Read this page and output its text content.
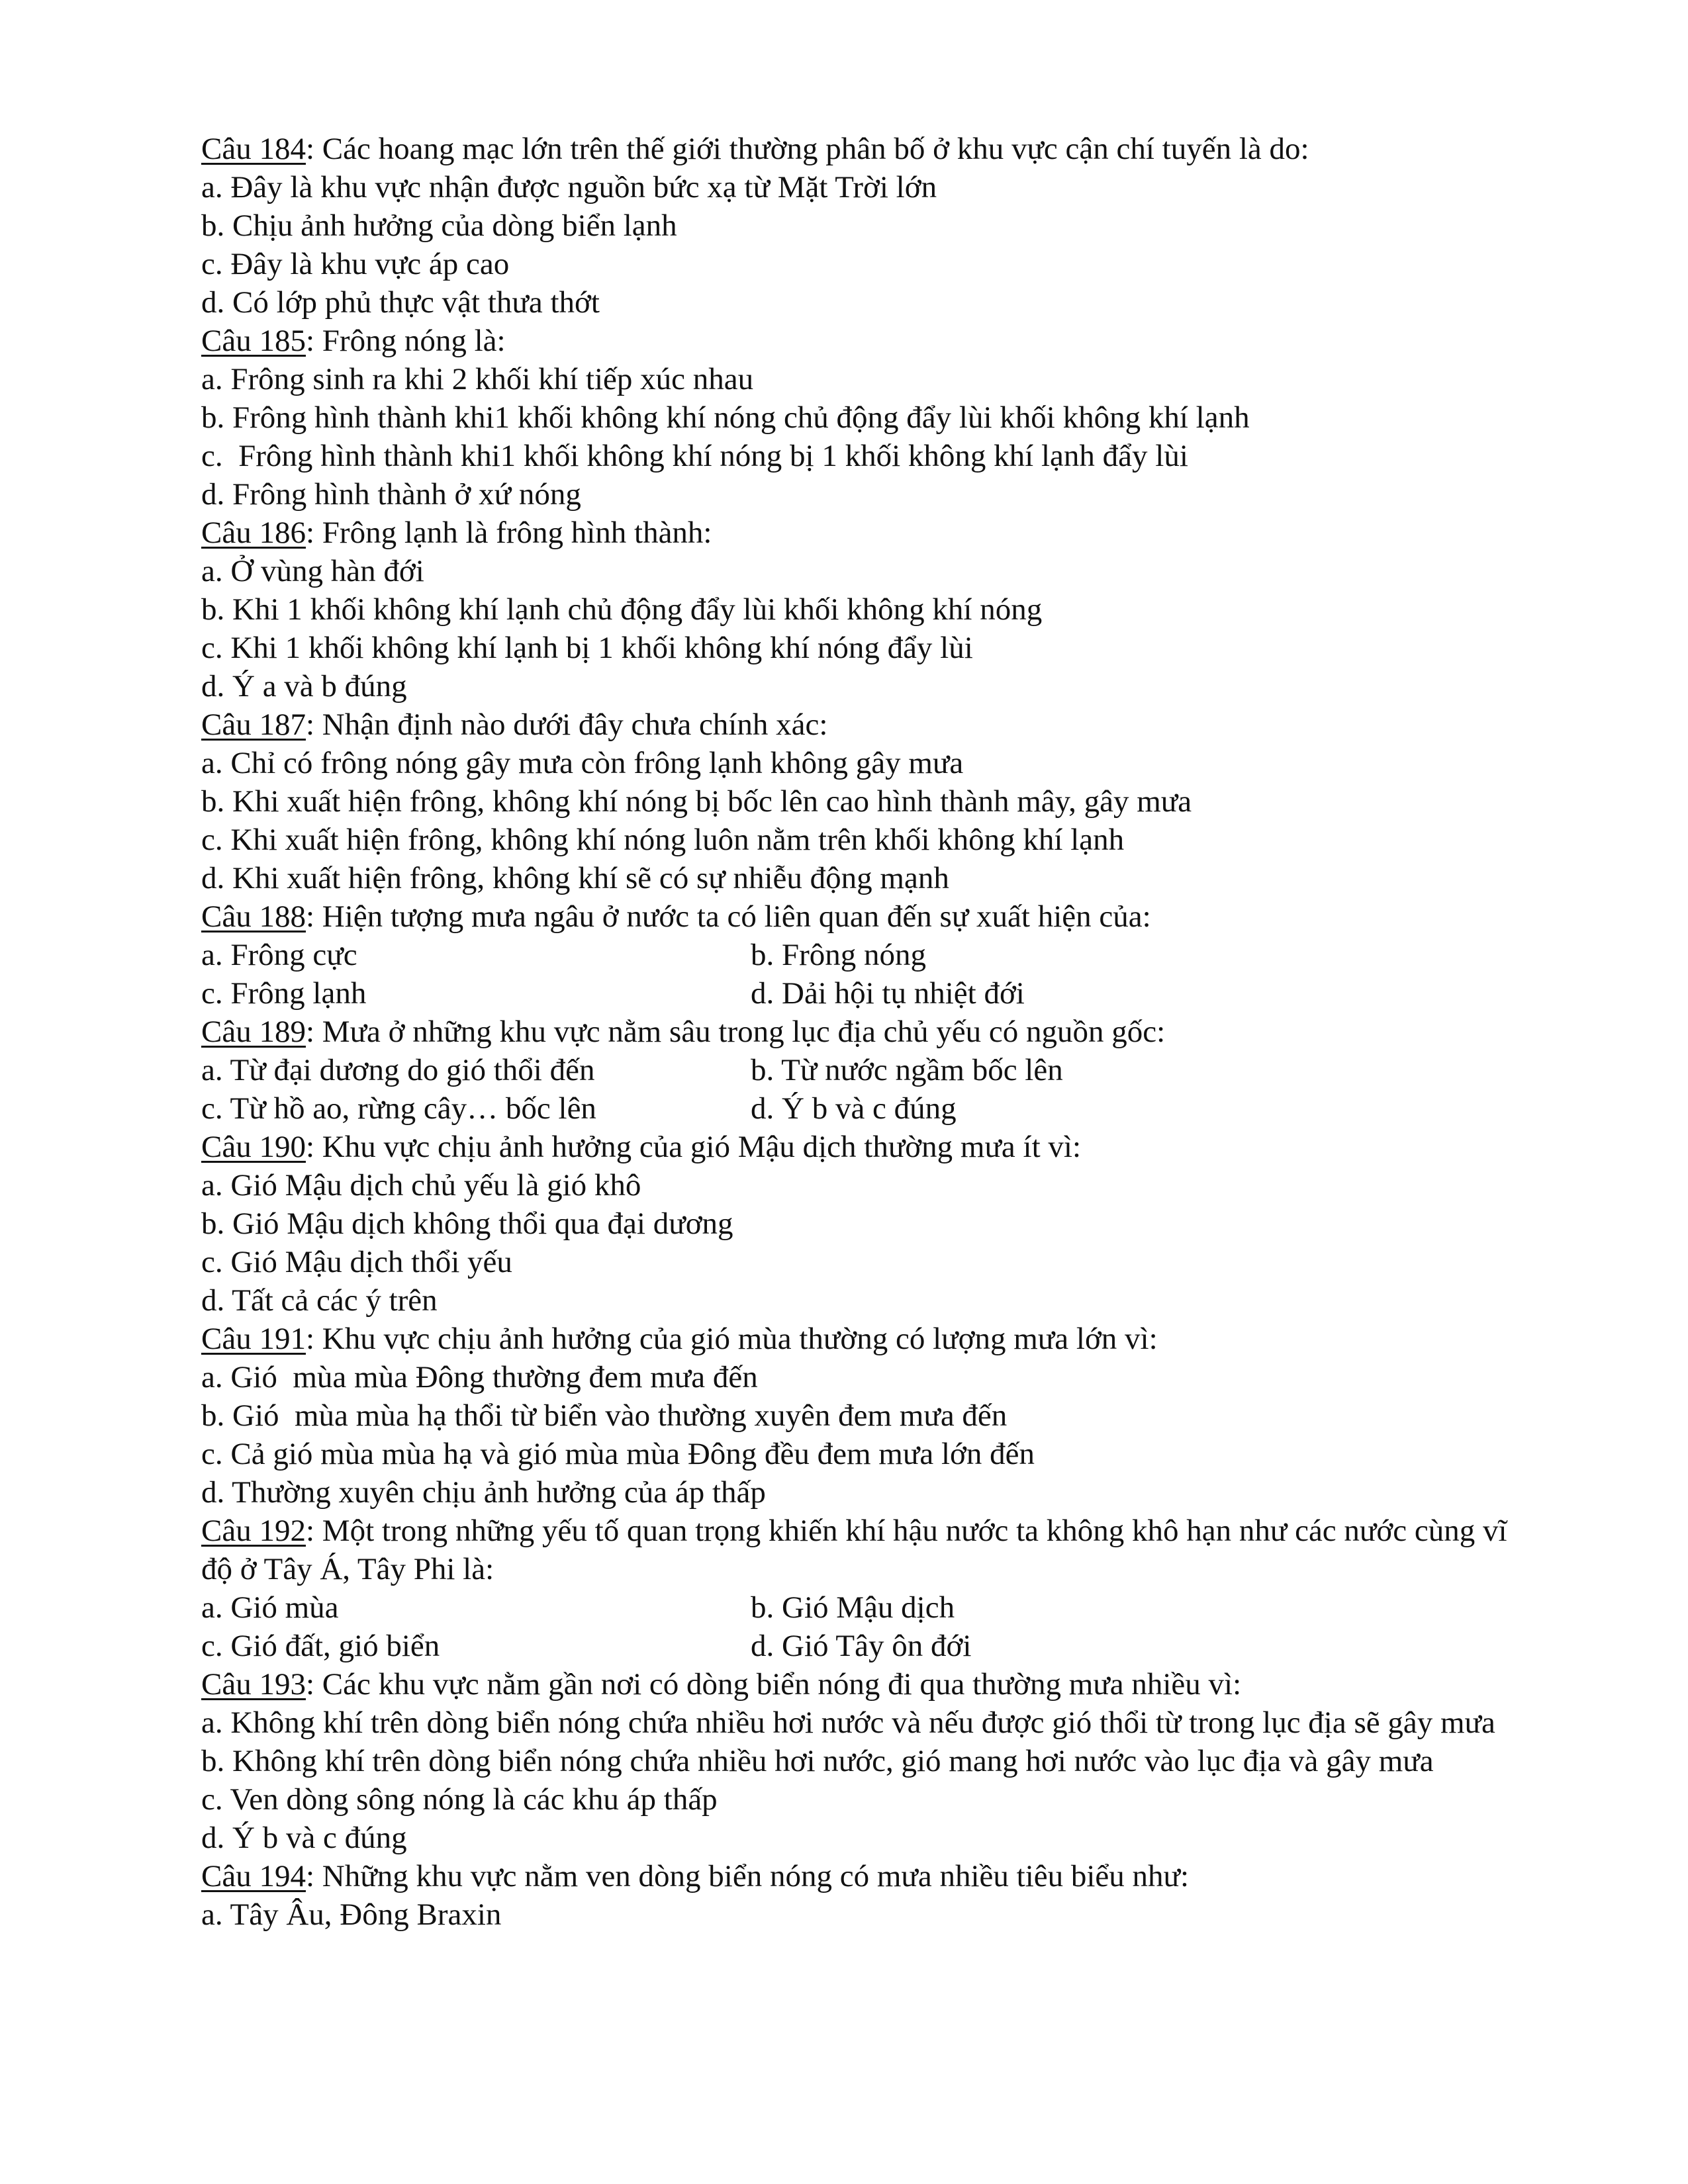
Câu 184: Các hoang mạc lớn trên thế giới thường phân bố ở khu vực cận chí tuyến là do:
a. Đây là khu vực nhận được nguồn bức xạ từ Mặt Trời lớn
b. Chịu ảnh hưởng của dòng biển lạnh
c. Đây là khu vực áp cao
d. Có lớp phủ thực vật thưa thớt
Câu 185: Frông nóng là:
a. Frông sinh ra khi 2 khối khí tiếp xúc nhau
b. Frông hình thành khi1 khối không khí nóng chủ động đẩy lùi khối không khí lạnh
c.  Frông hình thành khi1 khối không khí nóng bị 1 khối không khí lạnh đẩy lùi
d. Frông hình thành ở xứ nóng
Câu 186: Frông lạnh là frông hình thành:
a. Ở vùng hàn đới
b. Khi 1 khối không khí lạnh chủ động đẩy lùi khối không khí nóng
c. Khi 1 khối không khí lạnh bị 1 khối không khí nóng đẩy lùi
d. Ý a và b đúng
Câu 187: Nhận định nào dưới đây chưa chính xác:
a. Chỉ có frông nóng gây mưa còn frông lạnh không gây mưa
b. Khi xuất hiện frông, không khí nóng bị bốc lên cao hình thành mây, gây mưa
c. Khi xuất hiện frông, không khí nóng luôn nằm trên khối không khí lạnh
d. Khi xuất hiện frông, không khí sẽ có sự nhiễu động mạnh
Câu 188: Hiện tượng mưa ngâu ở nước ta có liên quan đến sự xuất hiện của:
a. Frông cực	b. Frông nóng
c. Frông lạnh	d. Dải hội tụ nhiệt đới
Câu 189: Mưa ở những khu vực nằm sâu trong lục địa chủ yếu có nguồn gốc:
a. Từ đại dương do gió thổi đến	b. Từ nước ngầm bốc lên
c. Từ hồ ao, rừng cây… bốc lên	d. Ý b và c đúng
Câu 190: Khu vực chịu ảnh hưởng của gió Mậu dịch thường mưa ít vì:
a. Gió Mậu dịch chủ yếu là gió khô
b. Gió Mậu dịch không thổi qua đại dương
c. Gió Mậu dịch thổi yếu
d. Tất cả các ý trên
Câu 191: Khu vực chịu ảnh hưởng của gió mùa thường có lượng mưa lớn vì:
a. Gió  mùa mùa Đông thường đem mưa đến
b. Gió  mùa mùa hạ thổi từ biển vào thường xuyên đem mưa đến
c. Cả gió mùa mùa hạ và gió mùa mùa Đông đều đem mưa lớn đến
d. Thường xuyên chịu ảnh hưởng của áp thấp
Câu 192: Một trong những yếu tố quan trọng khiến khí hậu nước ta không khô hạn như các nước cùng vĩ độ ở Tây Á, Tây Phi là:
a. Gió mùa	b. Gió Mậu dịch
c. Gió đất, gió biển	d. Gió Tây ôn đới
Câu 193: Các khu vực nằm gần nơi có dòng biển nóng đi qua thường mưa nhiều vì:
a. Không khí trên dòng biển nóng chứa nhiều hơi nước và nếu được gió thổi từ trong lục địa sẽ gây mưa
b. Không khí trên dòng biển nóng chứa nhiều hơi nước, gió mang hơi nước vào lục địa và gây mưa
c. Ven dòng sông nóng là các khu áp thấp
d. Ý b và c đúng
Câu 194: Những khu vực nằm ven dòng biển nóng có mưa nhiều tiêu biểu như:
a. Tây Âu, Đông Braxin
